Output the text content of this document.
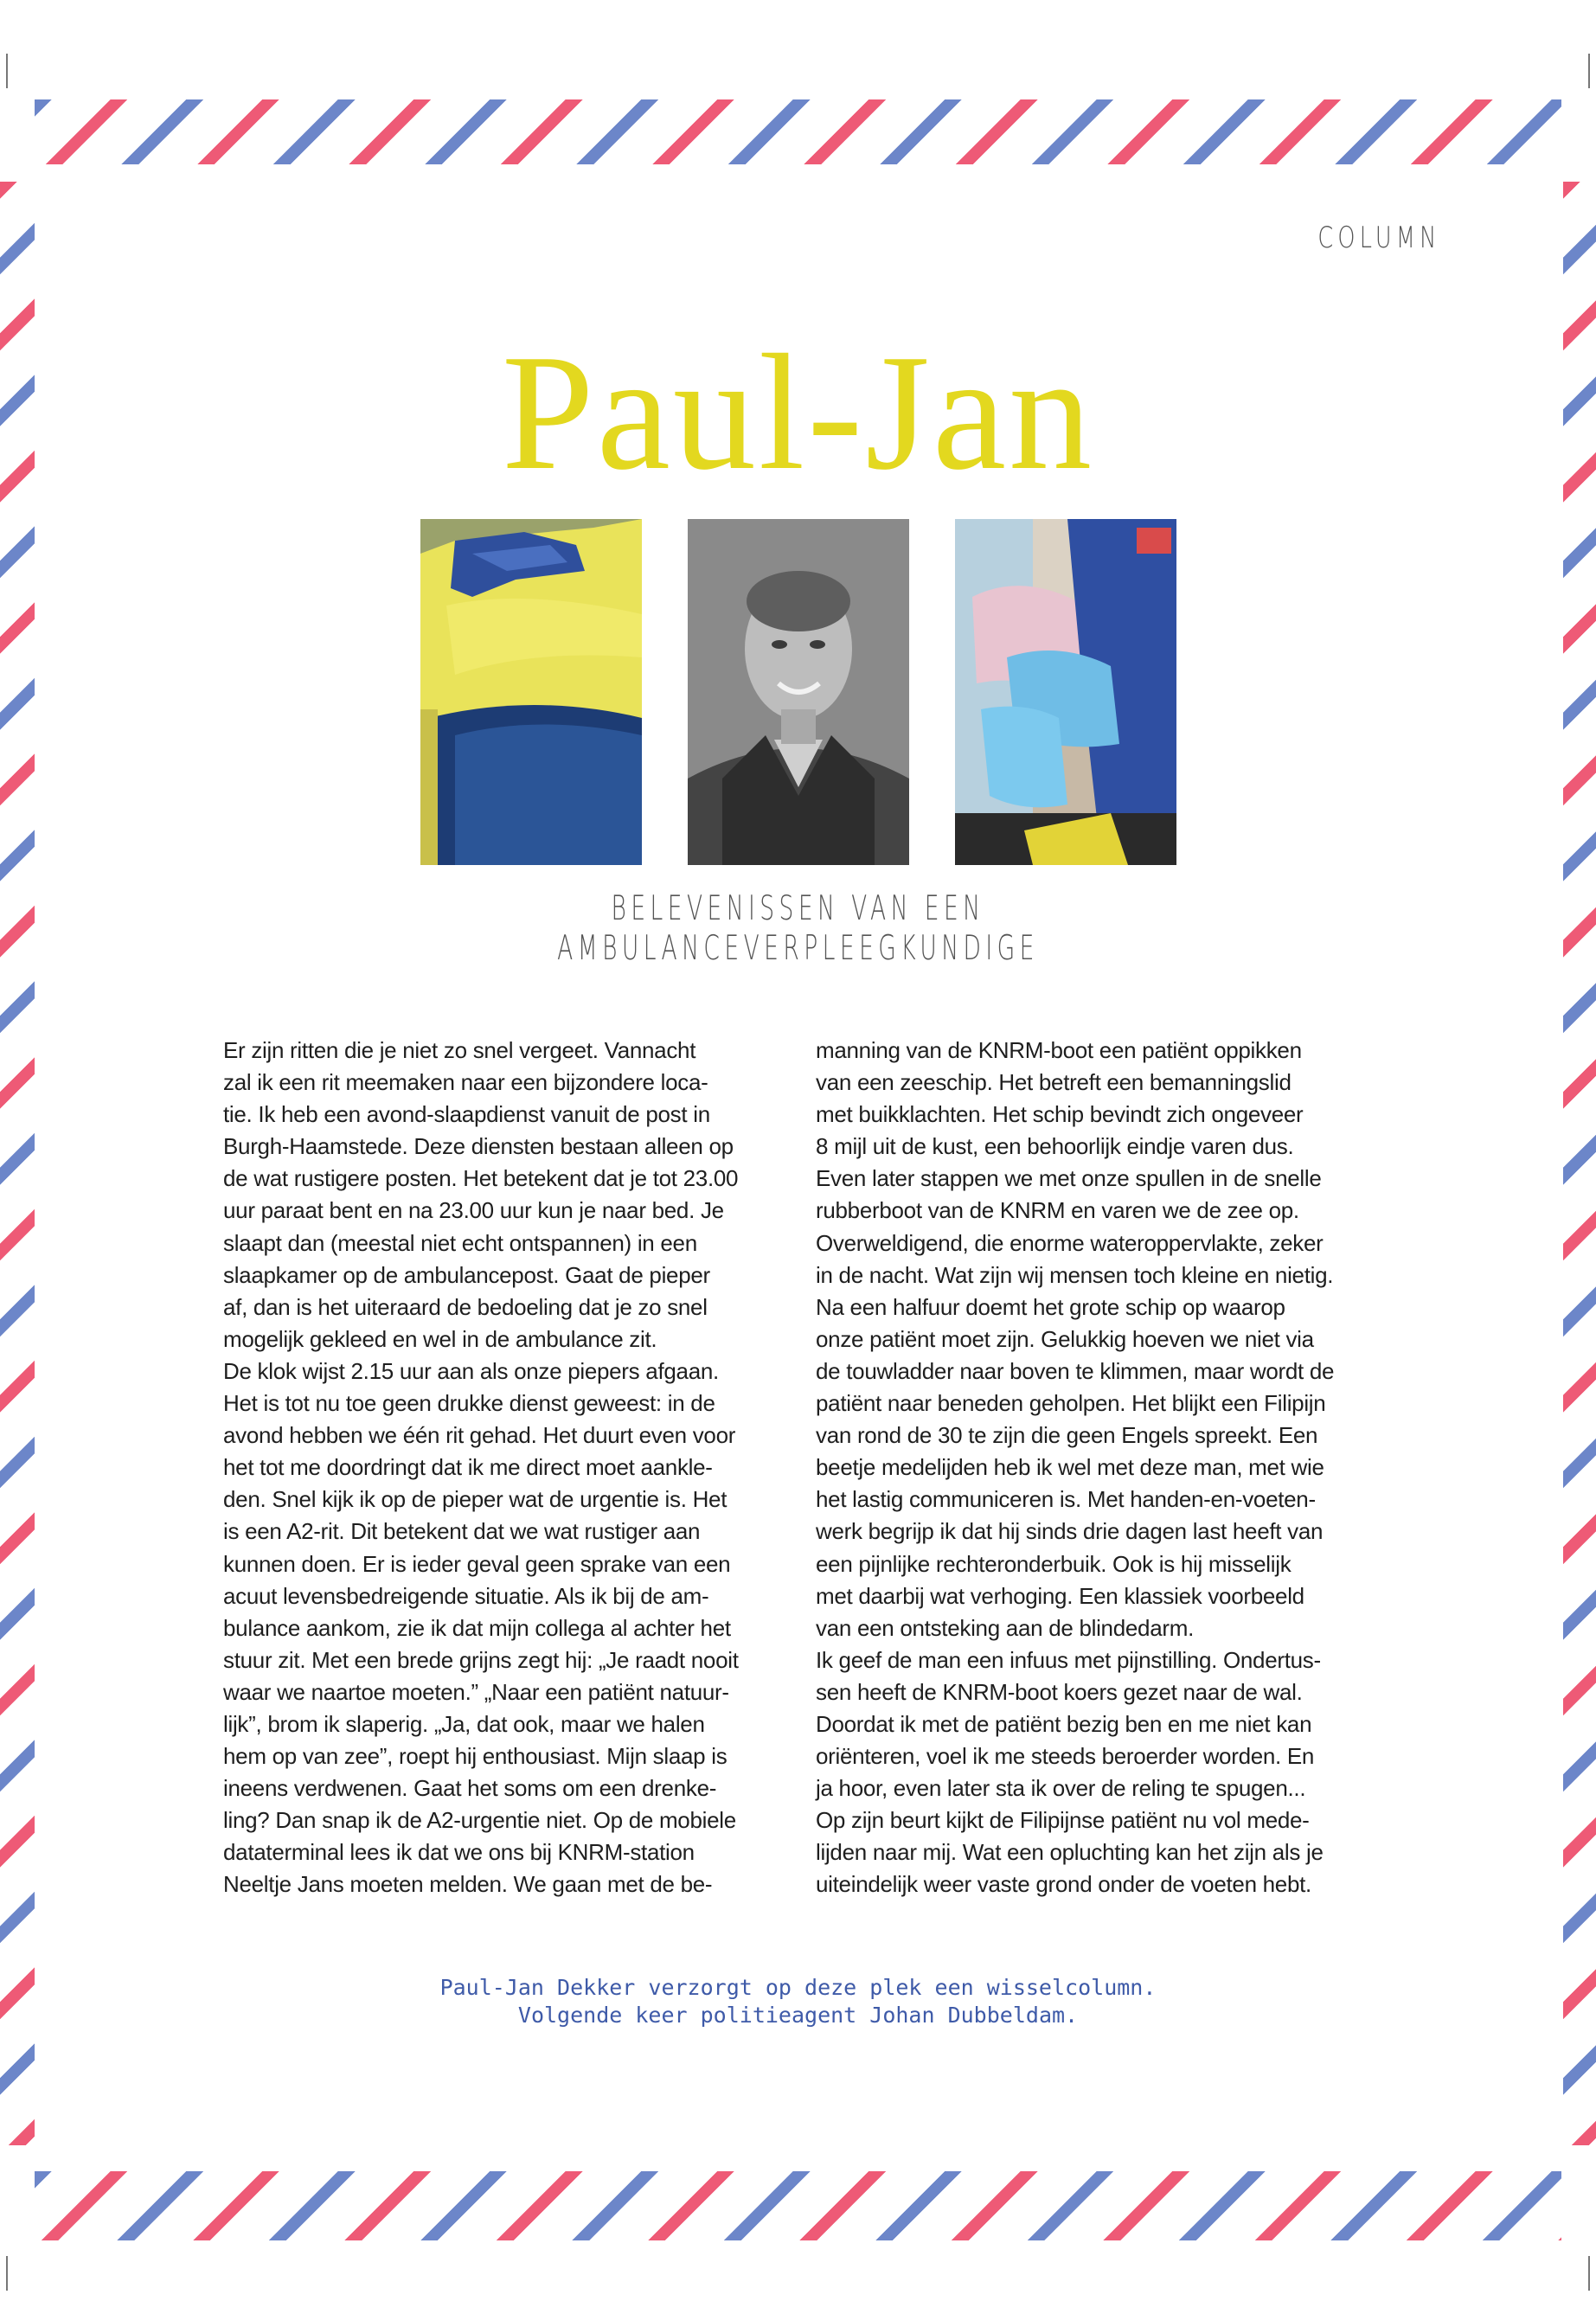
COLUMN
Paul-Jan
BELEVENISSEN VAN EEN
AMBULANCEVERPLEEGKUNDIGE
Er zijn ritten die je niet zo snel vergeet. Vannacht
zal ik een rit meemaken naar een bijzondere loca-
tie. Ik heb een avond-slaapdienst vanuit de post in
Burgh-Haamstede. Deze diensten bestaan alleen op
de wat rustigere posten. Het betekent dat je tot 23.00
uur paraat bent en na 23.00 uur kun je naar bed. Je
slaapt dan (meestal niet echt ontspannen) in een
slaapkamer op de ambulancepost. Gaat de pieper
af, dan is het uiteraard de bedoeling dat je zo snel
mogelijk gekleed en wel in de ambulance zit.
De klok wijst 2.15 uur aan als onze piepers afgaan.
Het is tot nu toe geen drukke dienst geweest: in de
avond hebben we één rit gehad. Het duurt even voor
het tot me doordringt dat ik me direct moet aankle-
den. Snel kijk ik op de pieper wat de urgentie is. Het
is een A2-rit. Dit betekent dat we wat rustiger aan
kunnen doen. Er is ieder geval geen sprake van een
acuut levensbedreigende situatie. Als ik bij de am-
bulance aankom, zie ik dat mijn collega al achter het
stuur zit. Met een brede grijns zegt hij: „Je raadt nooit
waar we naartoe moeten.” „Naar een patiënt natuur-
lijk”, brom ik slaperig. „Ja, dat ook, maar we halen
hem op van zee”, roept hij enthousiast. Mijn slaap is
ineens verdwenen. Gaat het soms om een drenke-
ling? Dan snap ik de A2-urgentie niet. Op de mobiele
dataterminal lees ik dat we ons bij KNRM-station
Neeltje Jans moeten melden. We gaan met de be-
manning van de KNRM-boot een patiënt oppikken
van een zeeschip. Het betreft een bemanningslid
met buikklachten. Het schip bevindt zich ongeveer
8 mijl uit de kust, een behoorlijk eindje varen dus.
Even later stappen we met onze spullen in de snelle
rubberboot van de KNRM en varen we de zee op.
Overweldigend, die enorme wateroppervlakte, zeker
in de nacht. Wat zijn wij mensen toch kleine en nietig.
Na een halfuur doemt het grote schip op waarop
onze patiënt moet zijn. Gelukkig hoeven we niet via
de touwladder naar boven te klimmen, maar wordt de
patiënt naar beneden geholpen. Het blijkt een Filipijn
van rond de 30 te zijn die geen Engels spreekt. Een
beetje medelijden heb ik wel met deze man, met wie
het lastig communiceren is. Met handen-en-voeten-
werk begrijp ik dat hij sinds drie dagen last heeft van
een pijnlijke rechteronderbuik. Ook is hij misselijk
met daarbij wat verhoging. Een klassiek voorbeeld
van een ontsteking aan de blindedarm.
Ik geef de man een infuus met pijnstilling. Ondertus-
sen heeft de KNRM-boot koers gezet naar de wal.
Doordat ik met de patiënt bezig ben en me niet kan
oriënteren, voel ik me steeds beroerder worden. En
ja hoor, even later sta ik over de reling te spugen...
Op zijn beurt kijkt de Filipijnse patiënt nu vol mede-
lijden naar mij. Wat een opluchting kan het zijn als je
uiteindelijk weer vaste grond onder de voeten hebt.
Paul-Jan Dekker verzorgt op deze plek een wisselcolumn.
Volgende keer politieagent Johan Dubbeldam.
